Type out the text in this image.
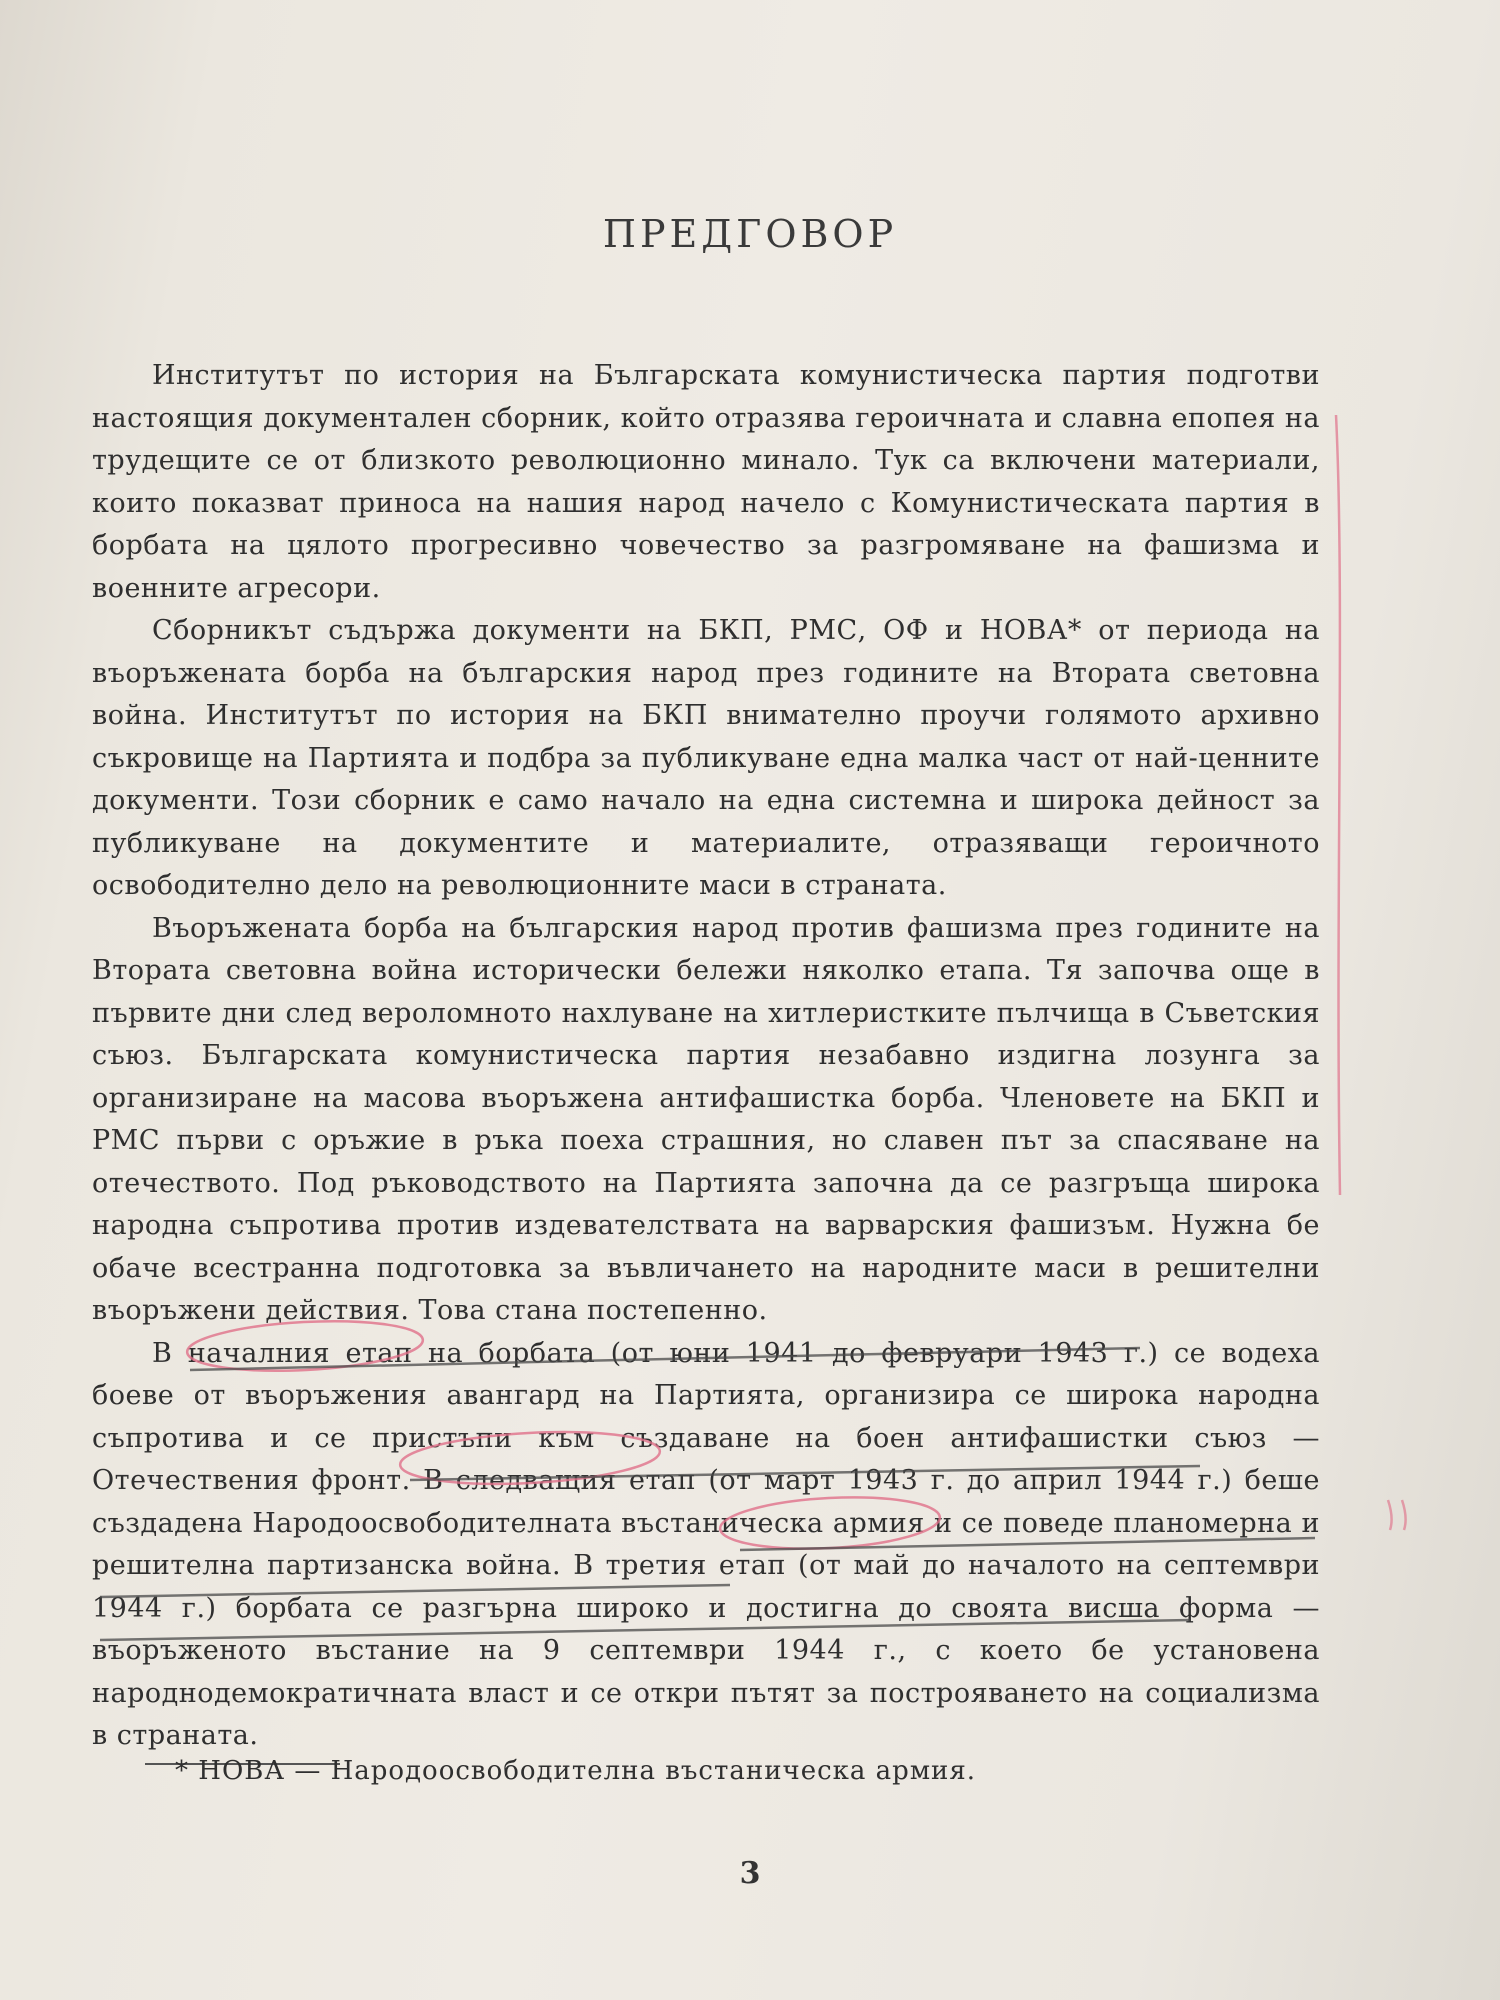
ПРЕДГОВОР

Институтът по история на Българската комунистическа партия подготви настоящия документален сборник, който отразява героичната и славна епопея на трудещите се от близкото революционно минало. Тук са включени материали, които показват приноса на нашия народ начело с Комунистическата партия в борбата на цялото прогресивно човечество за разгромяване на фашизма и военните агресори.

Сборникът съдържа документи на БКП, РМС, ОФ и НОВА* от периода на въоръжената борба на българския народ през годините на Втората световна война. Институтът по история на БКП внимателно проучи голямото архивно съкровище на Партията и подбра за публикуване една малка част от най-ценните документи. Този сборник е само начало на една системна и широка дейност за публикуване на документите и материалите, отразяващи героичното освободително дело на революционните маси в страната.

Въоръжената борба на българския народ против фашизма през годините на Втората световна война исторически бележи няколко етапа. Тя започва още в първите дни след вероломното нахлуване на хитлеристките пълчища в Съветския съюз. Българската комунистическа партия незабавно издигна лозунга за организиране на масова въоръжена антифашистка борба. Членовете на БКП и РМС първи с оръжие в ръка поеха страшния, но славен път за спасяване на отечеството. Под ръководството на Партията започна да се разгръща широка народна съпротива против издевателствата на варварския фашизъм. Нужна бе обаче всестранна подготовка за въвличането на народните маси в решителни въоръжени действия. Това стана постепенно.

В началния етап на борбата (от юни 1941 до февруари 1943 г.) се водеха боеве от въоръжения авангард на Партията, организира се широка народна съпротива и се пристъпи към създаване на боен антифашистки съюз — Отечествения фронт. В следващия етап (от март 1943 г. до април 1944 г.) беше създадена Народоосвободителната въстаническа армия и се поведе планомерна и решителна партизанска война. В третия етап (от май до началото на септември 1944 г.) борбата се разгърна широко и достигна до своята висша форма — въоръженото въстание на 9 септември 1944 г., с което бе установена народнодемократичната власт и се откри пътят за построяването на социализма в страната.

* НОВА — Народоосвободителна въстаническа армия.
3
